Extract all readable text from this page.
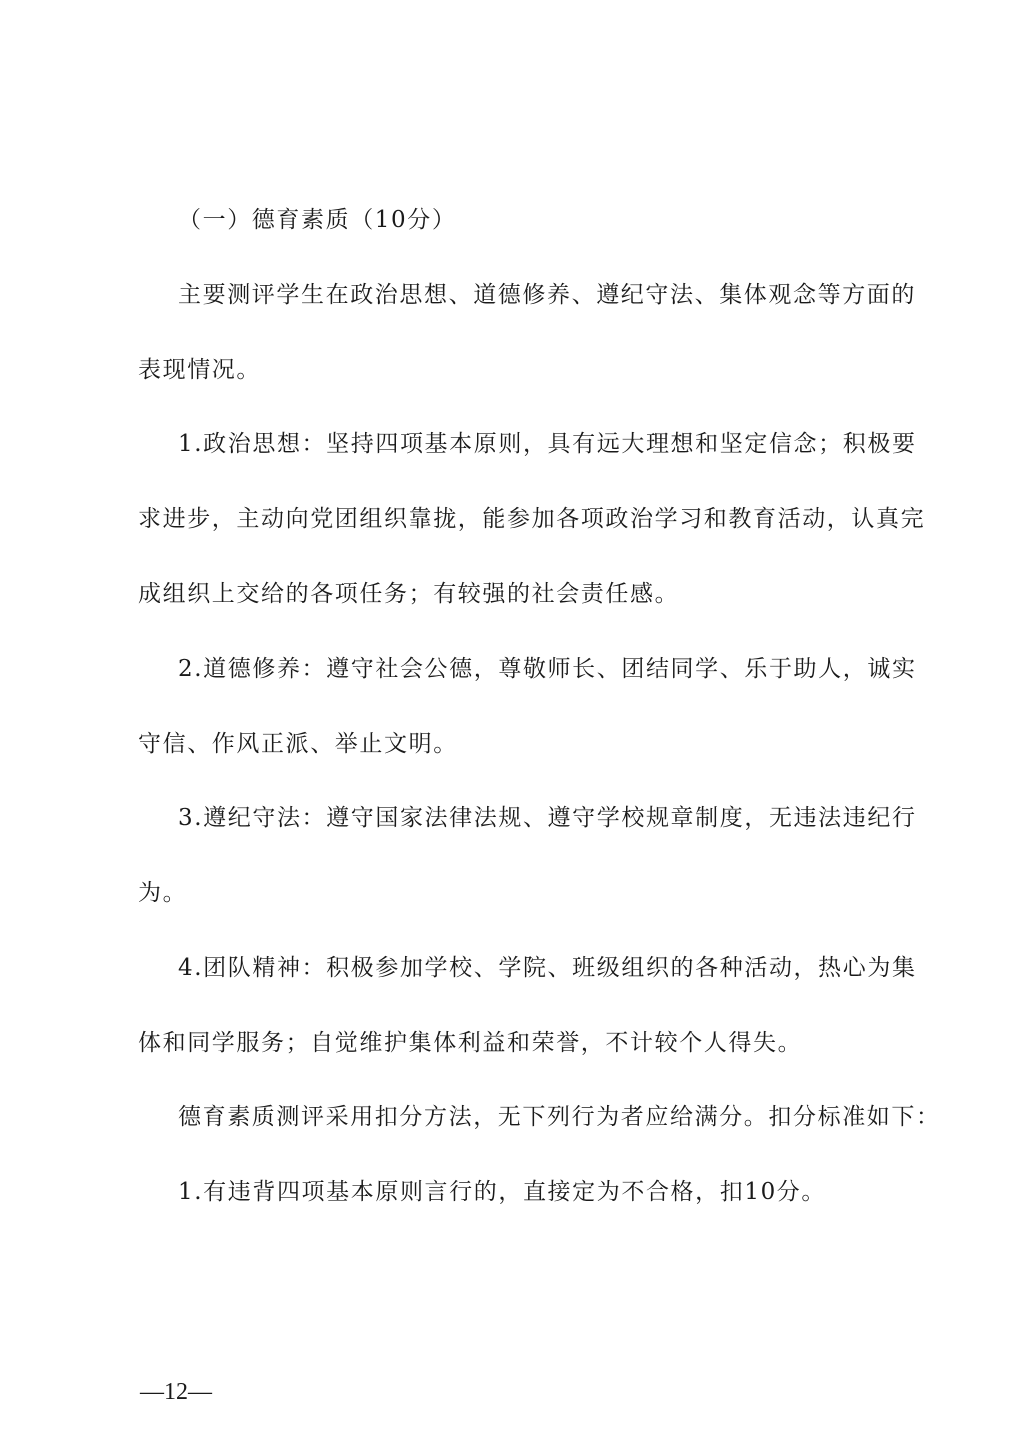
（一）德育素质（10分）
主要测评学生在政治思想、道德修养、遵纪守法、集体观念等方面的
表现情况。
1.政治思想：坚持四项基本原则，具有远大理想和坚定信念；积极要
求进步，主动向党团组织靠拢，能参加各项政治学习和教育活动，认真完
成组织上交给的各项任务；有较强的社会责任感。
2.道德修养：遵守社会公德，尊敬师长、团结同学、乐于助人，诚实
守信、作风正派、举止文明。
3.遵纪守法：遵守国家法律法规、遵守学校规章制度，无违法违纪行
为。
4.团队精神：积极参加学校、学院、班级组织的各种活动，热心为集
体和同学服务；自觉维护集体利益和荣誉，不计较个人得失。
德育素质测评采用扣分方法，无下列行为者应给满分。扣分标准如下：
1.有违背四项基本原则言行的，直接定为不合格，扣10分。
—12—
